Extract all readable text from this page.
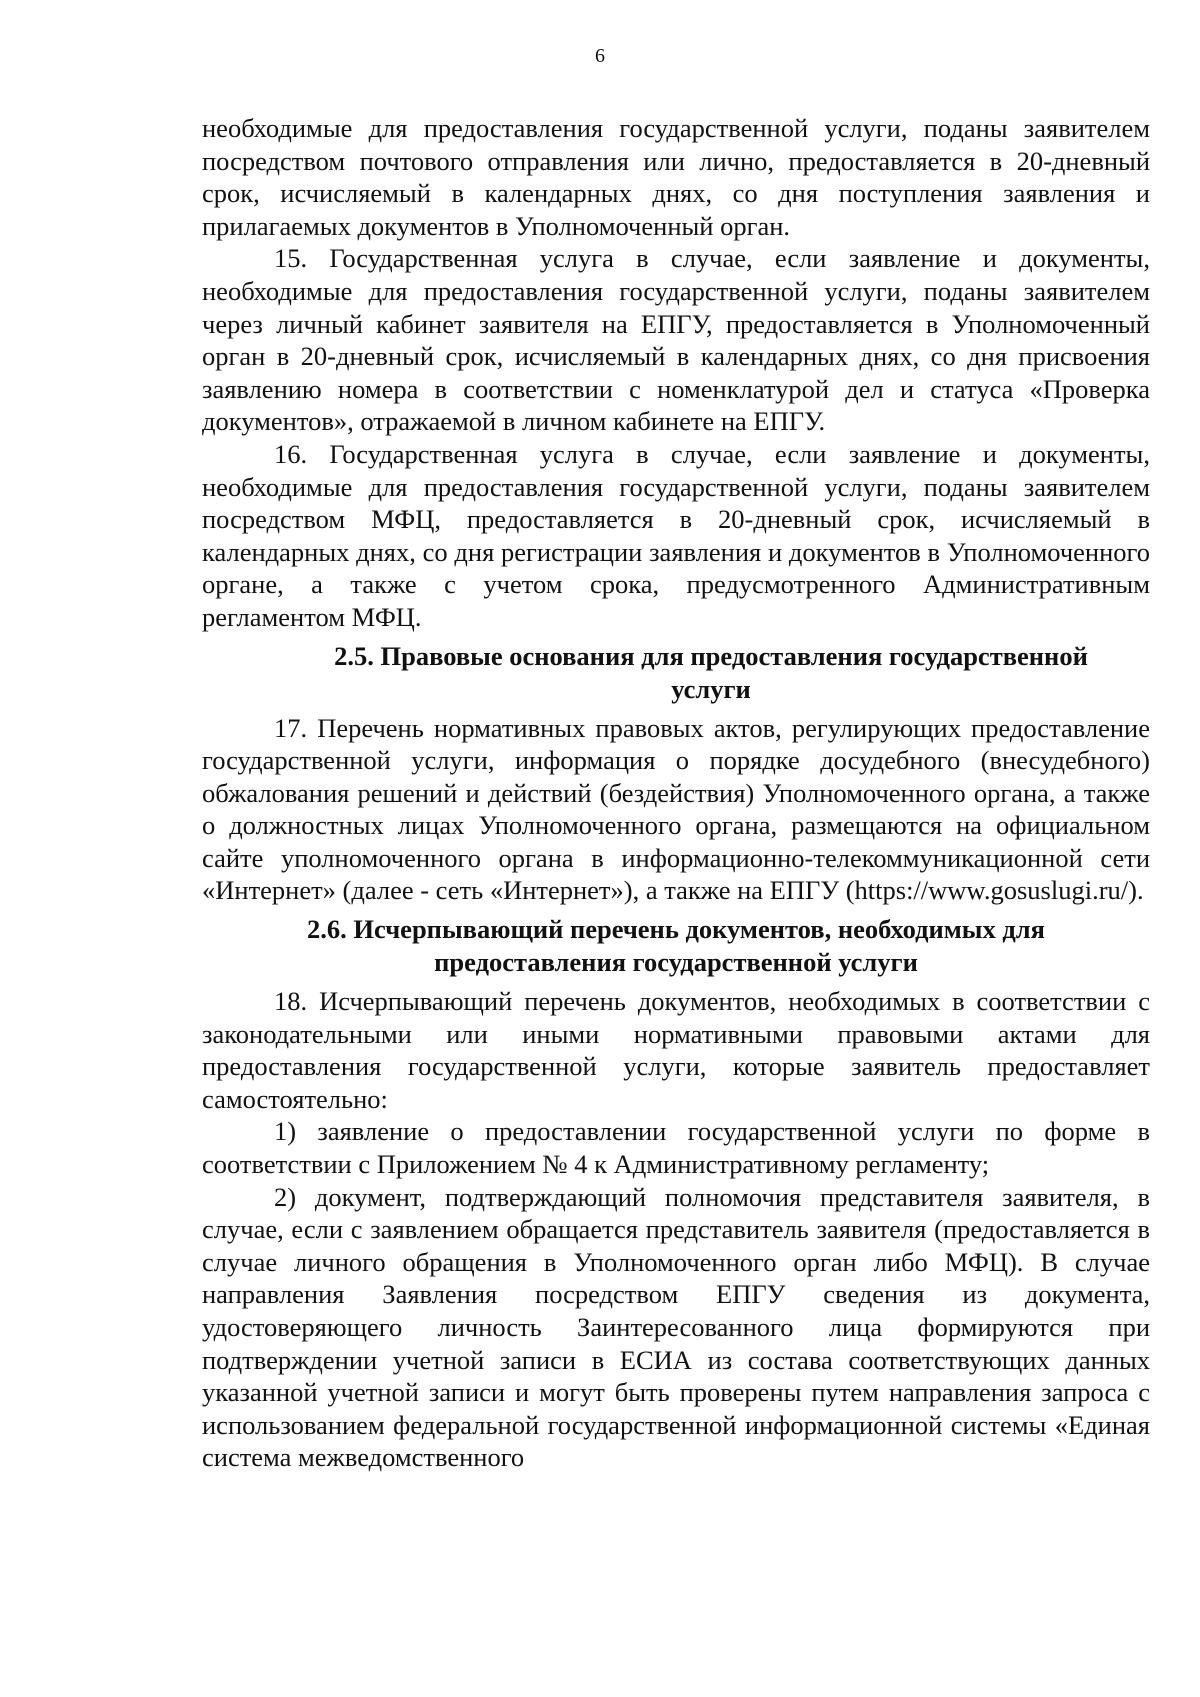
6

необходимые для предоставления государственной услуги, поданы заявителем посредством почтового отправления или лично, предоставляется в 20-дневный срок, исчисляемый в календарных днях, со дня поступления заявления и прилагаемых документов в Уполномоченный орган.

15. Государственная услуга в случае, если заявление и документы, необходимые для предоставления государственной услуги, поданы заявителем через личный кабинет заявителя на ЕПГУ, предоставляется в Уполномоченный орган в 20-дневный срок, исчисляемый в календарных днях, со дня присвоения заявлению номера в соответствии с номенклатурой дел и статуса «Проверка документов», отражаемой в личном кабинете на ЕПГУ.

16. Государственная услуга в случае, если заявление и документы, необходимые для предоставления государственной услуги, поданы заявителем посредством МФЦ, предоставляется в 20-дневный срок, исчисляемый в календарных днях, со дня регистрации заявления и документов в Уполномоченного органе, а также с учетом срока, предусмотренного Административным регламентом МФЦ.

2.5. Правовые основания для предоставления государственной
услуги

17. Перечень нормативных правовых актов, регулирующих предоставление государственной услуги, информация о порядке досудебного (внесудебного) обжалования решений и действий (бездействия) Уполномоченного органа, а также о должностных лицах Уполномоченного органа, размещаются на официальном сайте уполномоченного органа в информационно-телекоммуникационной сети «Интернет» (далее - сеть «Интернет»), а также на ЕПГУ (https://www.gosuslugi.ru/).

2.6. Исчерпывающий перечень документов, необходимых для
предоставления государственной услуги

18. Исчерпывающий перечень документов, необходимых в соответствии с законодательными или иными нормативными правовыми актами для предоставления государственной услуги, которые заявитель предоставляет самостоятельно:

1) заявление о предоставлении государственной услуги по форме в соответствии с Приложением № 4 к Административному регламенту;

2) документ, подтверждающий полномочия представителя заявителя, в случае, если с заявлением обращается представитель заявителя (предоставляется в случае личного обращения в Уполномоченного орган либо МФЦ). В случае направления Заявления посредством ЕПГУ сведения из документа, удостоверяющего личность Заинтересованного лица формируются при подтверждении учетной записи в ЕСИА из состава соответствующих данных указанной учетной записи и могут быть проверены путем направления запроса с использованием федеральной государственной информационной системы «Единая система межведомственного
